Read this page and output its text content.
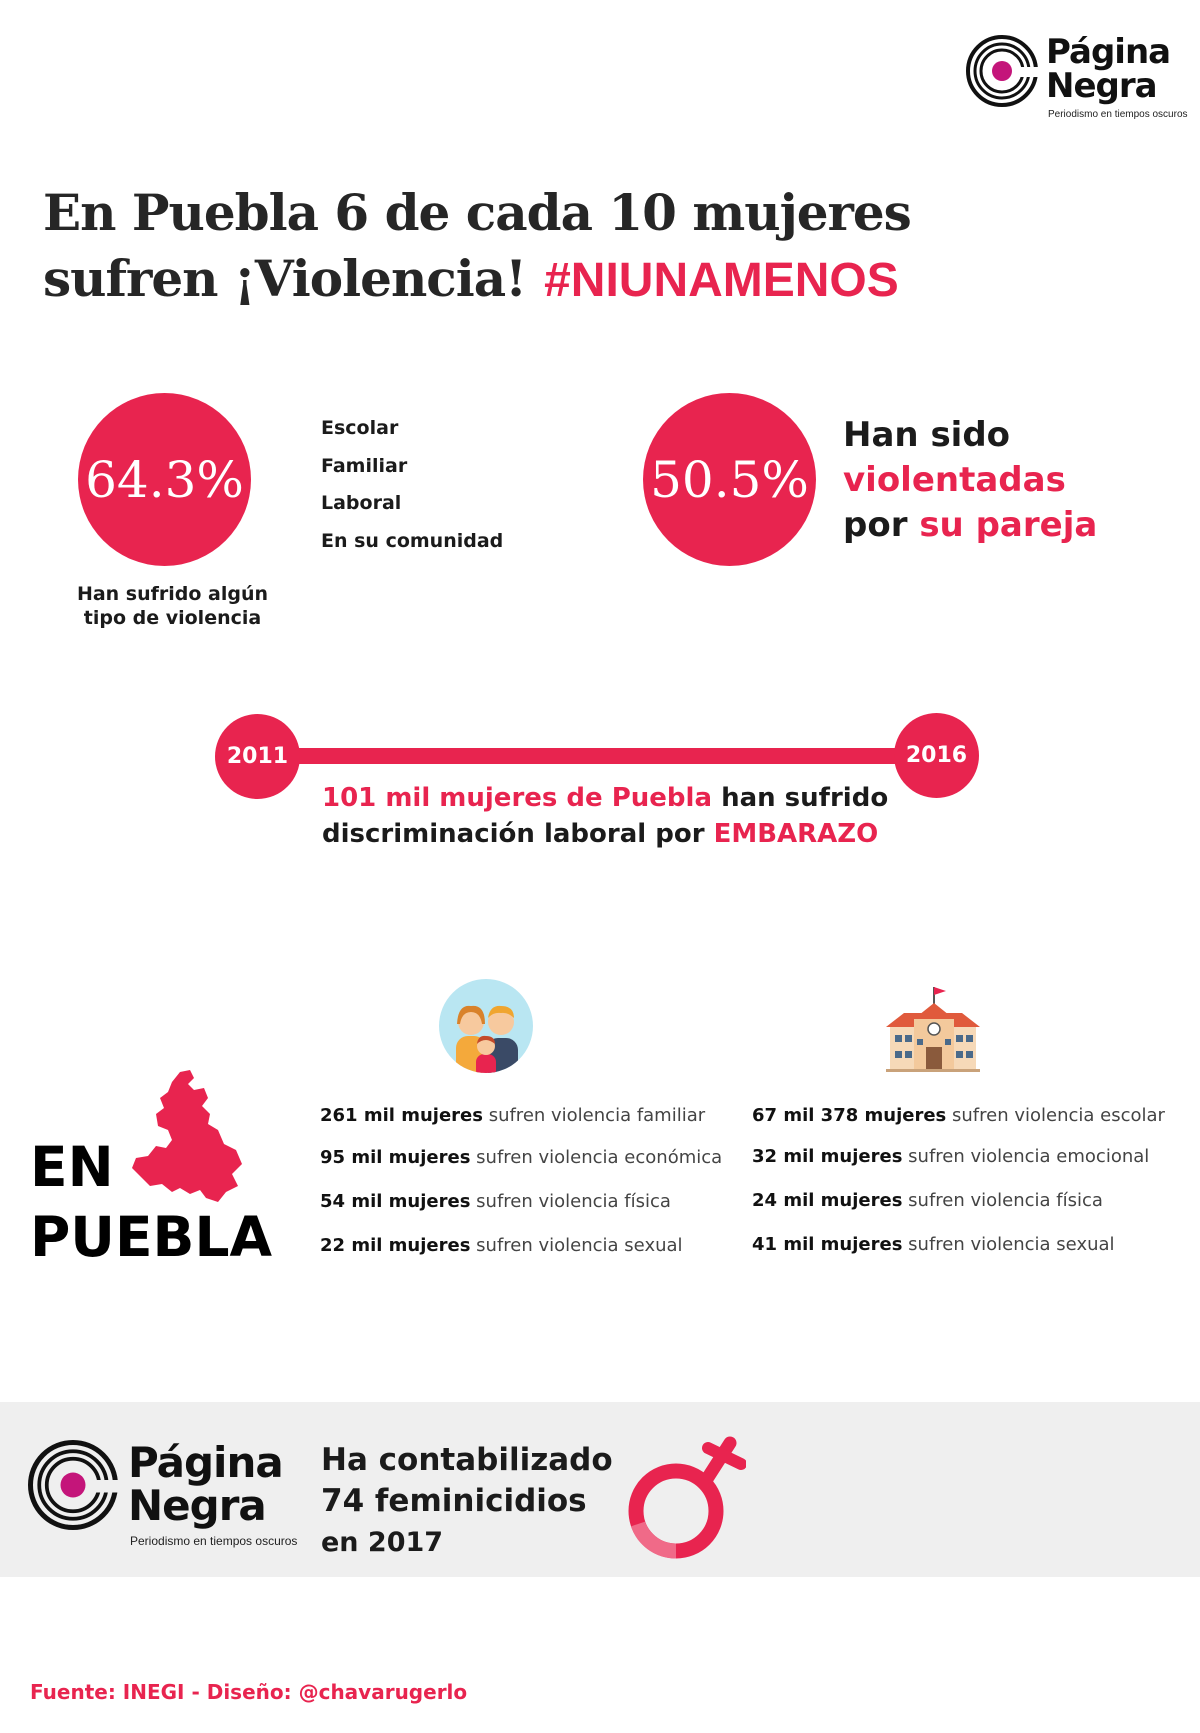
Página
Negra
Periodismo en tiempos oscuros
En Puebla 6 de cada 10 mujeres
sufren ¡Violencia! #NIUNAMENOS
64.3%
Han sufrido algún
tipo de violencia
Escolar
Familiar
Laboral
En su comunidad
50.5%
Han sido
violentadas
por su pareja
2011	2016
101 mil mujeres de Puebla han sufrido
discriminación laboral por EMBARAZO
EN
PUEBLA
261 mil mujeres sufren violencia familiar
95 mil mujeres sufren violencia económica
54 mil mujeres sufren violencia física
22 mil mujeres sufren violencia sexual
67 mil 378 mujeres sufren violencia escolar
32 mil mujeres sufren violencia emocional
24 mil mujeres sufren violencia física
41 mil mujeres sufren violencia sexual
Página
Negra
Periodismo en tiempos oscuros
Ha contabilizado
74 feminicidios
en 2017
Fuente: INEGI - Diseño: @chavarugerlo
